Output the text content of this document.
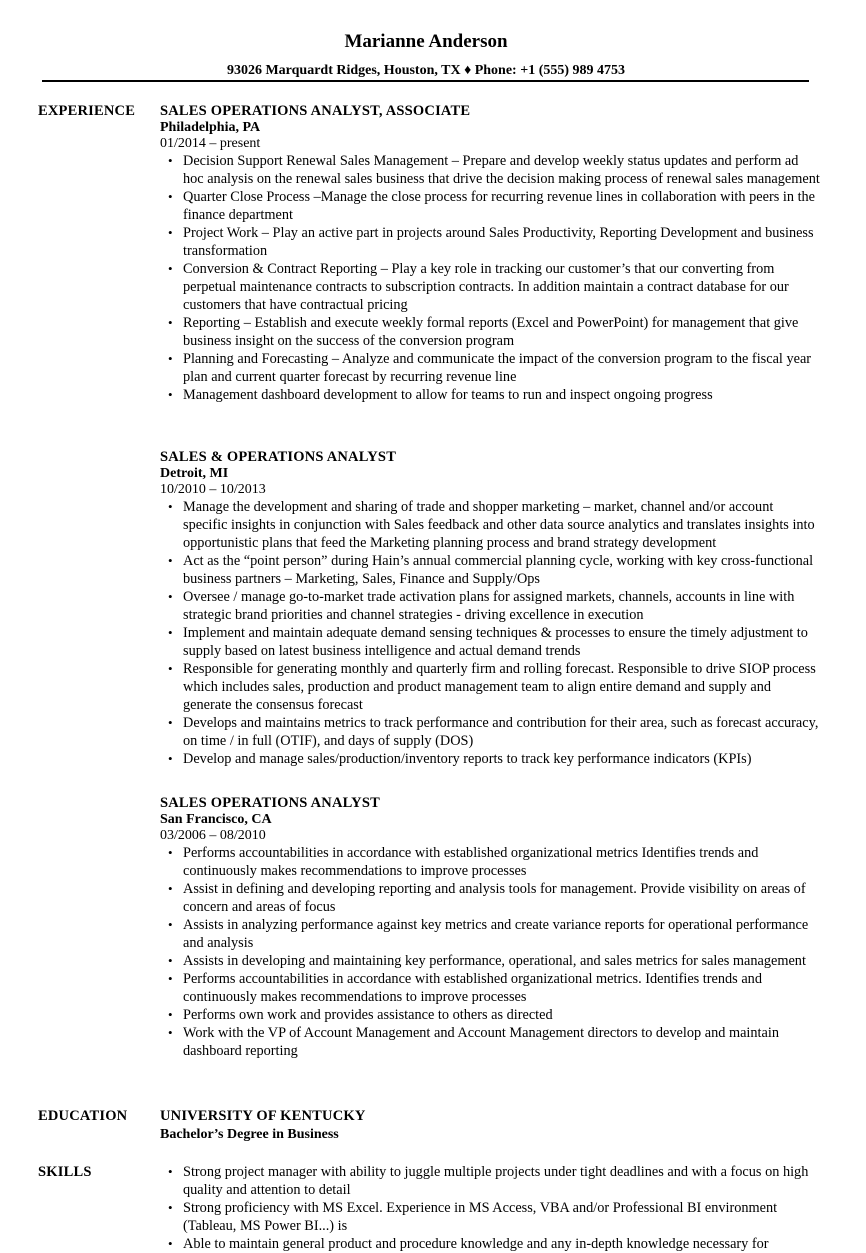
Marianne Anderson
93026 Marquardt Ridges, Houston, TX ♦ Phone: +1 (555) 989 4753
EXPERIENCE SALES OPERATIONS ANALYST, ASSOCIATE
Philadelphia, PA
01/2014 – present
• Decision Support Renewal Sales Management – Prepare and develop weekly status updates and perform ad hoc analysis on the renewal sales business that drive the decision making process of renewal sales management
• Quarter Close Process –Manage the close process for recurring revenue lines in collaboration with peers in the finance department
• Project Work – Play an active part in projects around Sales Productivity, Reporting Development and business transformation
• Conversion & Contract Reporting – Play a key role in tracking our customer’s that our converting from perpetual maintenance contracts to subscription contracts. In addition maintain a contract database for our customers that have contractual pricing
• Reporting – Establish and execute weekly formal reports (Excel and PowerPoint) for management that give business insight on the success of the conversion program
• Planning and Forecasting – Analyze and communicate the impact of the conversion program to the fiscal year plan and current quarter forecast by recurring revenue line
• Management dashboard development to allow for teams to run and inspect ongoing progress
SALES & OPERATIONS ANALYST
Detroit, MI
10/2010 – 10/2013
• Manage the development and sharing of trade and shopper marketing – market, channel and/or account specific insights in conjunction with Sales feedback and other data source analytics and translates insights into opportunistic plans that feed the Marketing planning process and brand strategy development
• Act as the “point person” during Hain’s annual commercial planning cycle, working with key cross-functional business partners – Marketing, Sales, Finance and Supply/Ops
• Oversee / manage go-to-market trade activation plans for assigned markets, channels, accounts in line with strategic brand priorities and channel strategies - driving excellence in execution
• Implement and maintain adequate demand sensing techniques & processes to ensure the timely adjustment to supply based on latest business intelligence and actual demand trends
• Responsible for generating monthly and quarterly firm and rolling forecast. Responsible to drive SIOP process which includes sales, production and product management team to align entire demand and supply and generate the consensus forecast
• Develops and maintains metrics to track performance and contribution for their area, such as forecast accuracy, on time / in full (OTIF), and days of supply (DOS)
• Develop and manage sales/production/inventory reports to track key performance indicators (KPIs)
SALES OPERATIONS ANALYST
San Francisco, CA
03/2006 – 08/2010
• Performs accountabilities in accordance with established organizational metrics Identifies trends and continuously makes recommendations to improve processes
• Assist in defining and developing reporting and analysis tools for management. Provide visibility on areas of concern and areas of focus
• Assists in analyzing performance against key metrics and create variance reports for operational performance and analysis
• Assists in developing and maintaining key performance, operational, and sales metrics for sales management
• Performs accountabilities in accordance with established organizational metrics. Identifies trends and continuously makes recommendations to improve processes
• Performs own work and provides assistance to others as directed
• Work with the VP of Account Management and Account Management directors to develop and maintain dashboard reporting
EDUCATION UNIVERSITY OF KENTUCKY
Bachelor’s Degree in Business
SKILLS
•	Strong project manager with ability to juggle multiple projects under tight deadlines and with a focus on high quality and attention to detail
• Strong proficiency with MS Excel. Experience in MS Access, VBA and/or Professional BI environment (Tableau, MS Power BI...) is
• Able to maintain general product and procedure knowledge and any in-depth knowledge necessary for
